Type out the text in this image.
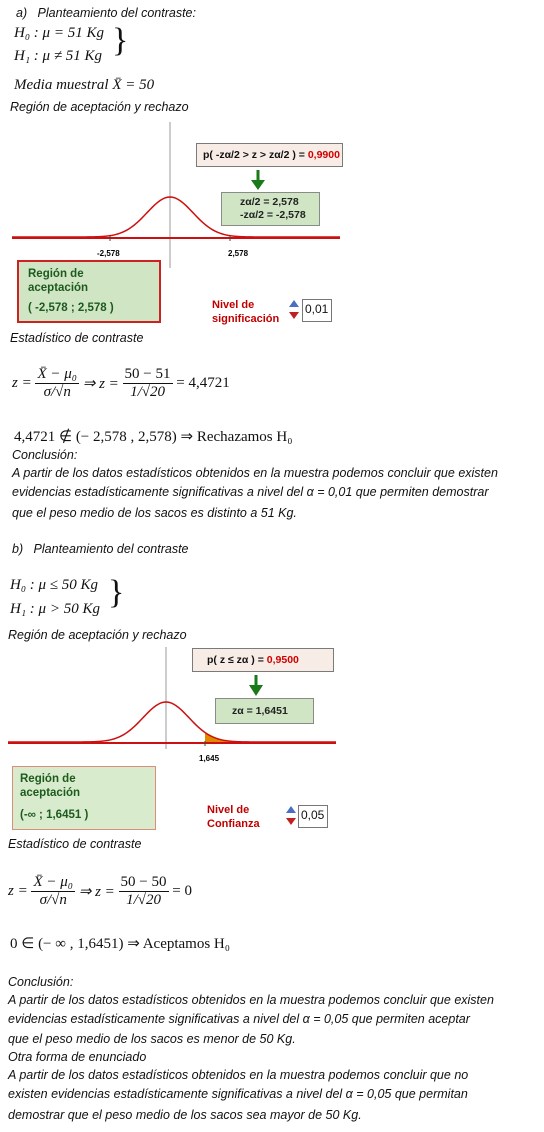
a) Planteamiento del contraste:
H₀ : μ = 51 Kg
H₁ : μ ≠ 51 Kg }
Media muestral X̄ = 50
Región de aceptación y rechazo
-2,578	2,578
p( -zα/2 > z > zα/2 ) = 0,9900
zα/2 = 2,578
-zα/2 = -2,578
Región de
aceptación
( -2,578 ; 2,578 )	Nivel de
significación
0,01
Estadístico de contraste
$z = \frac{\text{X̄ − μ₀}}{\sigma/√n}$ ⇒ $z = \frac{50 - 51}{1/√20} = 4,4721$
4,4721 ∉ (− 2,578 , 2,578) ⇒ Rechazamos H₀
Conclusión:
A partir de los datos estadísticos obtenidos en la muestra podemos concluir que existen
evidencias estadísticamente significativas a nivel del α = 0,01 que permiten demostrar
que el peso medio de los sacos es distinto a 51 Kg.
b) Planteamiento del contraste
H₀ : μ ≤ 50 Kg
H₁ : μ > 50 Kg }
Región de aceptación y rechazo
1,645
p( z ≤ zα ) = 0,9500
zα = 1,6451
Región de
aceptación
(-∞ ; 1,6451 )	Nivel de
Confianza
0,05
Estadístico de contraste
$z = \frac{\text{X̄ − μ₀}}{\sigma/√n}$ ⇒ $z = \frac{50 - 50}{1/√20} = 0$
0 ∈ (− ∞ , 1,6451) ⇒ Aceptamos H₀
Conclusión:
A partir de los datos estadísticos obtenidos en la muestra podemos concluir que existen
evidencias estadísticamente significativas a nivel del α = 0,05 que permiten aceptar
que el peso medio de los sacos es menor de 50 Kg.
Otra forma de enunciado
A partir de los datos estadísticos obtenidos en la muestra podemos concluir que no
existen evidencias estadísticamente significativas a nivel del α = 0,05 que permitan
demostrar que el peso medio de los sacos sea mayor de 50 Kg.
